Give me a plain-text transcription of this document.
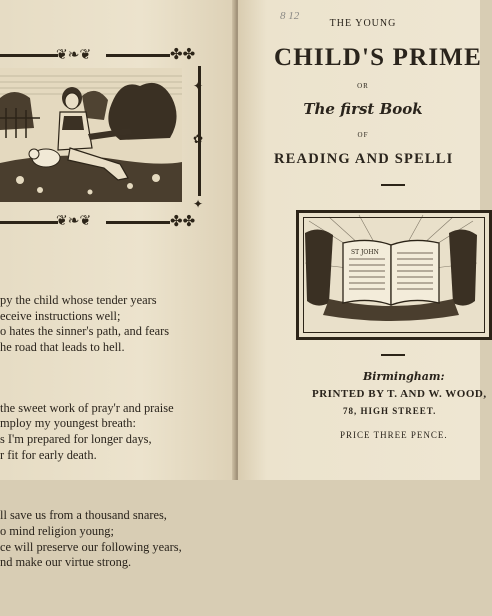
❦❧❦	✤✤
✦
✿
✦
❦❧❦	✤✤

py the child whose tender years
eceive instructions well;
o hates the sinner's path, and fears
he road that leads to hell.

the sweet work of pray'r and praise
mploy my youngest breath:
s I'm prepared for longer days,
r fit for early death.

ll save us from a thousand snares,
o mind religion young;
ce will preserve our following years,
nd make our virtue strong.

8 12
THE YOUNG
CHILD'S PRIME
OR
The first Book
OF
READING AND SPELLI
ST JOHN
Birmingham:
PRINTED BY T. AND W. WOOD,
78, HIGH STREET.
PRICE THREE PENCE.
